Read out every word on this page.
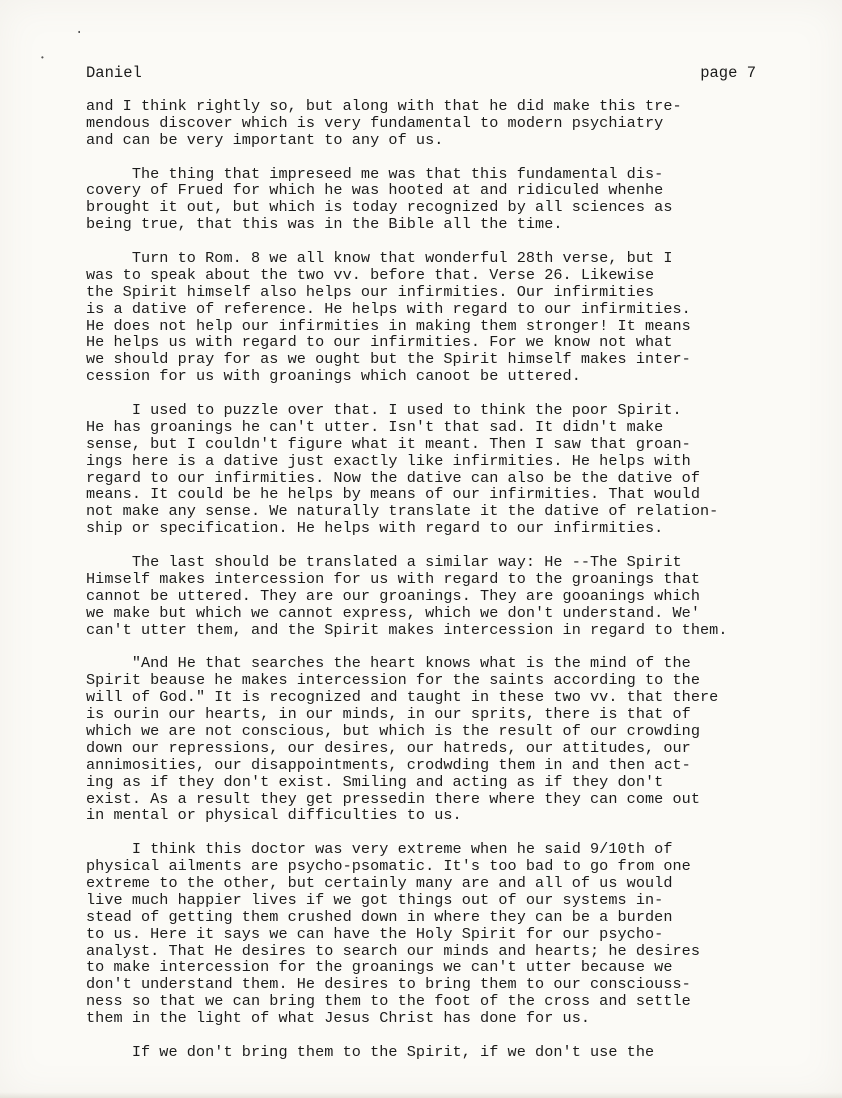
.
•
Daniel	page 7
and I think rightly so, but along with that he did make this tre-
mendous discover which is very fundamental to modern psychiatry
and can be very important to any of us.
The thing that impreseed me was that this fundamental dis-
covery of Frued for which he was hooted at and ridiculed whenhe
brought it out, but which is today recognized by all sciences as
being true, that this was in the Bible all the time.
Turn to Rom. 8 we all know that wonderful 28th verse, but I
was to speak about the two vv. before that. Verse 26. Likewise
the Spirit himself also helps our infirmities. Our infirmities
is a dative of reference. He helps with regard to our infirmities.
He does not help our infirmities in making them stronger! It means
He helps us with regard to our infirmities. For we know not what
we should pray for as we ought but the Spirit himself makes inter-
cession for us with groanings which canoot be uttered.
I used to puzzle over that. I used to think the poor Spirit.
He has groanings he can't utter. Isn't that sad. It didn't make
sense, but I couldn't figure what it meant. Then I saw that groan-
ings here is a dative just exactly like infirmities. He helps with
regard to our infirmities. Now the dative can also be the dative of
means. It could be he helps by means of our infirmities. That would
not make any sense. We naturally translate it the dative of relation-
ship or specification. He helps with regard to our infirmities.
The last should be translated a similar way: He --The Spirit
Himself makes intercession for us with regard to the groanings that
cannot be uttered. They are our groanings. They are gooanings which
we make but which we cannot express, which we don't understand. We'
can't utter them, and the Spirit makes intercession in regard to them.
"And He that searches the heart knows what is the mind of the
Spirit beause he makes intercession for the saints according to the
will of God." It is recognized and taught in these two vv. that there
is ourin our hearts, in our minds, in our sprits, there is that of
which we are not conscious, but which is the result of our crowding
down our repressions, our desires, our hatreds, our attitudes, our
annimosities, our disappointments, crodwding them in and then act-
ing as if they don't exist. Smiling and acting as if they don't
exist. As a result they get pressedin there where they can come out
in mental or physical difficulties to us.
I think this doctor was very extreme when he said 9/10th of
physical ailments are psycho-psomatic. It's too bad to go from one
extreme to the other, but certainly many are and all of us would
live much happier lives if we got things out of our systems in-
stead of getting them crushed down in where they can be a burden
to us. Here it says we can have the Holy Spirit for our psycho-
analyst. That He desires to search our minds and hearts; he desires
to make intercession for the groanings we can't utter because we
don't understand them. He desires to bring them to our consciouss-
ness so that we can bring them to the foot of the cross and settle
them in the light of what Jesus Christ has done for us.
If we don't bring them to the Spirit, if we don't use the
